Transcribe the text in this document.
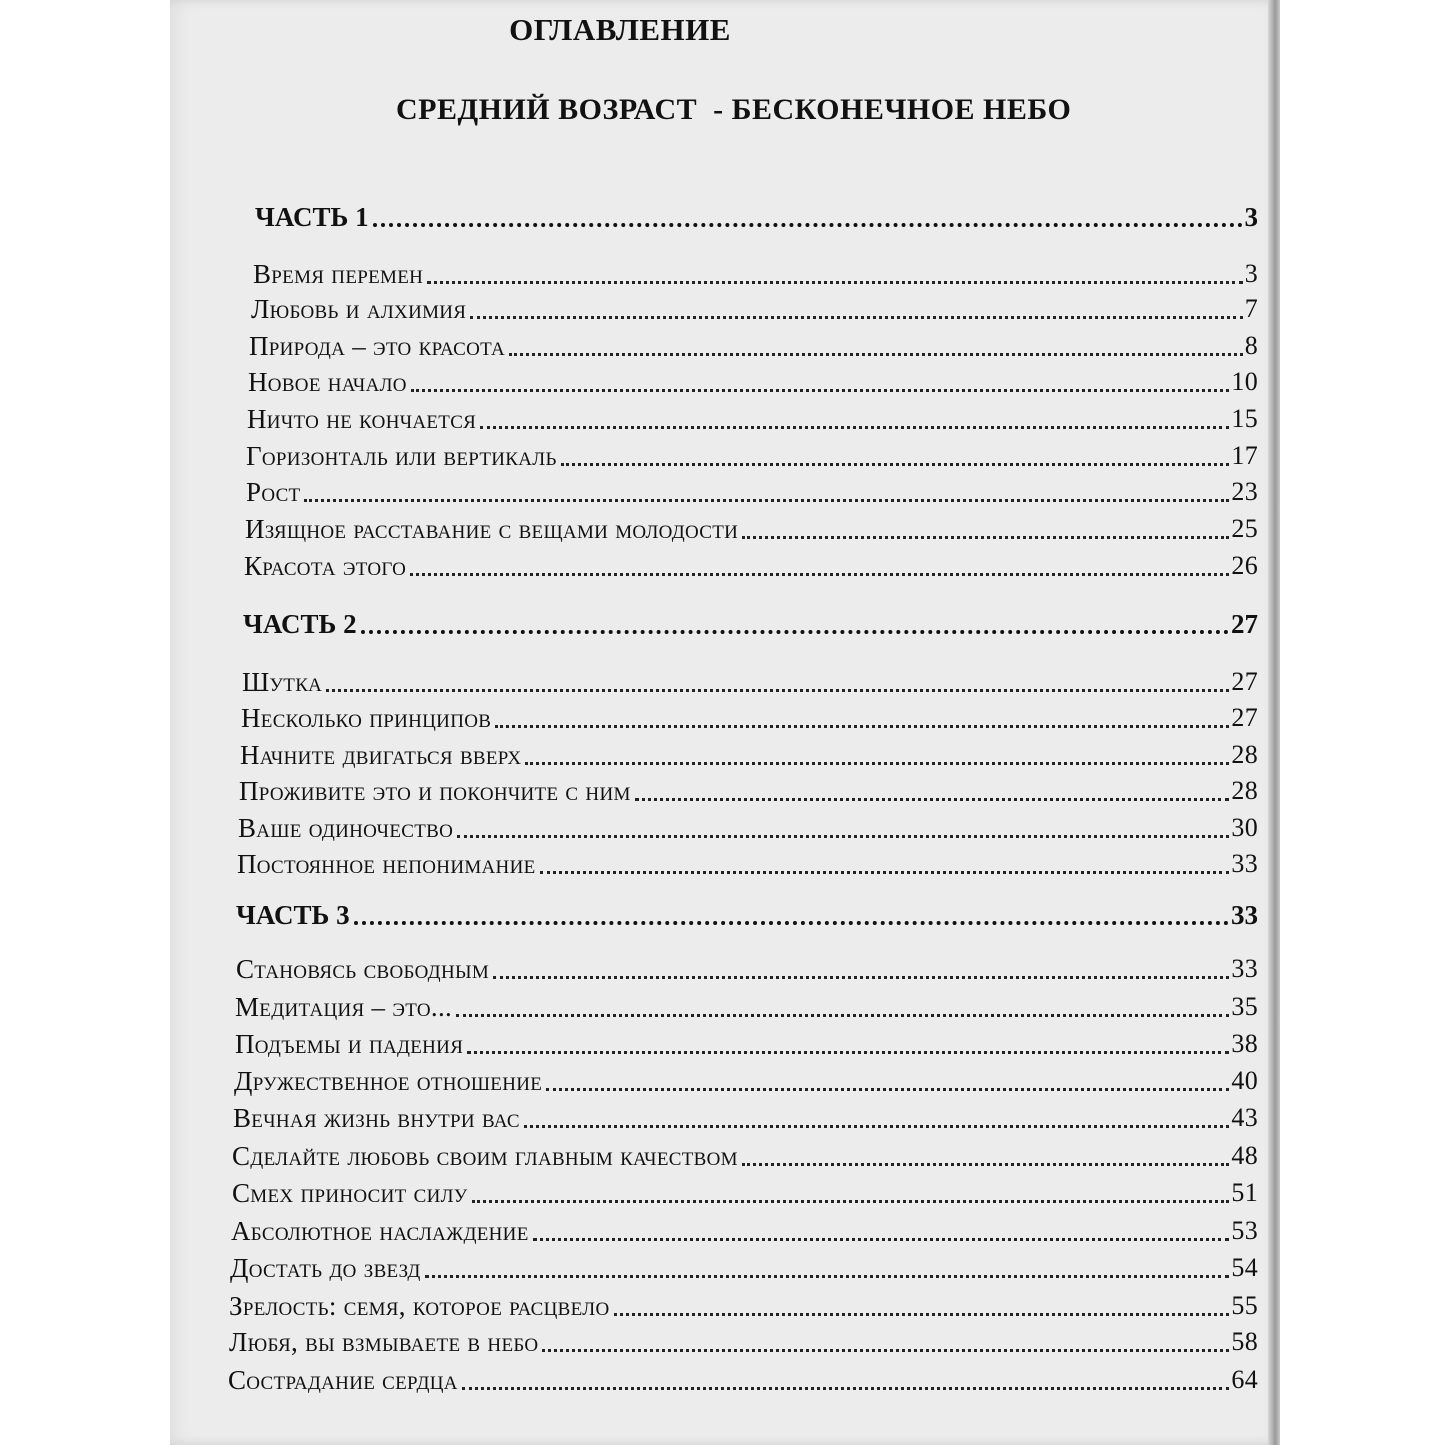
ОГЛАВЛЕНИЕ
СРЕДНИЙ ВОЗРАСТ  - БЕСКОНЕЧНОЕ НЕБО
ЧАСТЬ 1	3
Время перемен	3
Любовь и алхимия	7
Природа – это красота	8
Новое начало	10
Ничто не кончается	15
Горизонталь или вертикаль	17
Рост	23
Изящное расставание с вещами молодости	25
Красота этого	26
ЧАСТЬ 2	27
Шутка	27
Несколько принципов	27
Начните двигаться вверх	28
Проживите это и покончите с ним	28
Ваше одиночество	30
Постоянное непонимание	33
ЧАСТЬ 3	33
Становясь свободным	33
Медитация – это...	35
Подъемы и падения	38
Дружественное отношение	40
Вечная жизнь внутри вас	43
Сделайте любовь своим главным качеством	48
Смех приносит силу	51
Абсолютное наслаждение	53
Достать до звезд	54
Зрелость: семя, которое расцвело	55
Любя, вы взмываете в небо	58
Сострадание сердца	64
